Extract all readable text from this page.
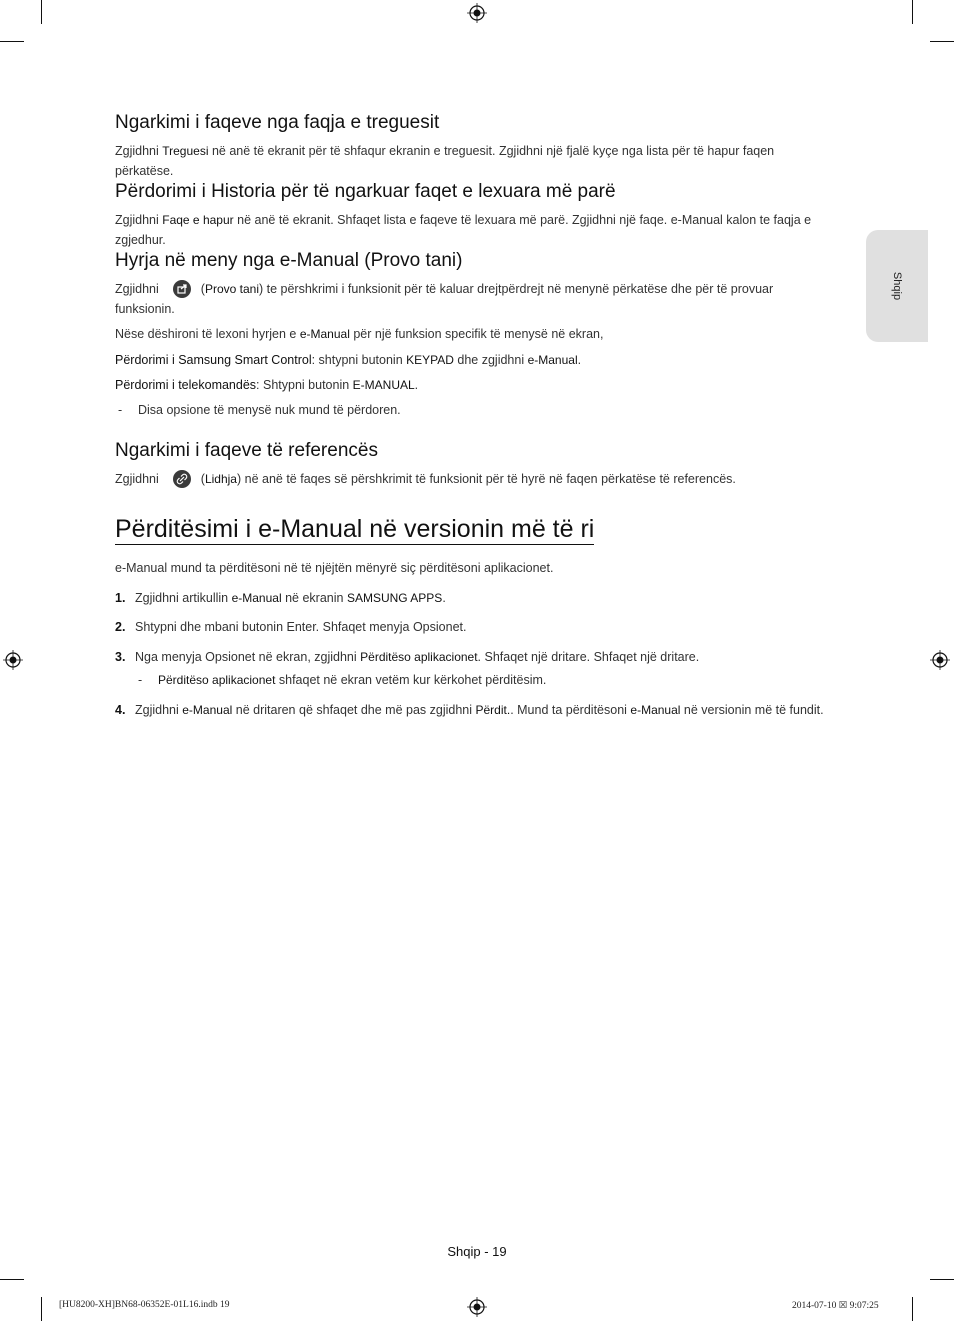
Shqip
Ngarkimi i faqeve nga faqja e treguesit

Zgjidhni Treguesi në anë të ekranit për të shfaqur ekranin e treguesit. Zgjidhni një fjalë kyçe nga lista për të hapur faqen përkatëse.

Përdorimi i Historia për të ngarkuar faqet e lexuara më parë

Zgjidhni Faqe e hapur në anë të ekranit. Shfaqet lista e faqeve të lexuara më parë. Zgjidhni një faqe. e-Manual kalon te faqja e zgjedhur.

Hyrja në meny nga e-Manual (Provo tani)

Zgjidhni	(Provo tani) te përshkrimi i funksionit për të kaluar drejtpërdrejt në menynë përkatëse dhe për të provuar funksionin.

Nëse dëshironi të lexoni hyrjen e e-Manual për një funksion specifik të menysë në ekran,

Përdorimi i Samsung Smart Control: shtypni butonin KEYPAD dhe zgjidhni e-Manual.

Përdorimi i telekomandës: Shtypni butonin E-MANUAL.

-	Disa opsione të menysë nuk mund të përdoren.
Ngarkimi i faqeve të referencës

Zgjidhni	(Lidhja) në anë të faqes së përshkrimit të funksionit për të hyrë në faqen përkatëse të referencës.

Përditësimi i e-Manual në versionin më të ri

e-Manual mund ta përditësoni në të njëjtën mënyrë siç përditësoni aplikacionet.

1. Zgjidhni artikullin e-Manual në ekranin SAMSUNG APPS.
2. Shtypni dhe mbani butonin Enter. Shfaqet menyja Opsionet.
3. Nga menyja Opsionet në ekran, zgjidhni Përditëso aplikacionet. Shfaqet një dritare. Shfaqet një dritare.
-	Përditëso aplikacionet shfaqet në ekran vetëm kur kërkohet përditësim.
4. Zgjidhni e-Manual në dritaren që shfaqet dhe më pas zgjidhni Përdit.. Mund ta përditësoni e-Manual në versionin më të fundit.
Shqip - 19
[HU8200-XH]BN68-06352E-01L16.indb 19	2014-07-10 ☒ 9:07:25
